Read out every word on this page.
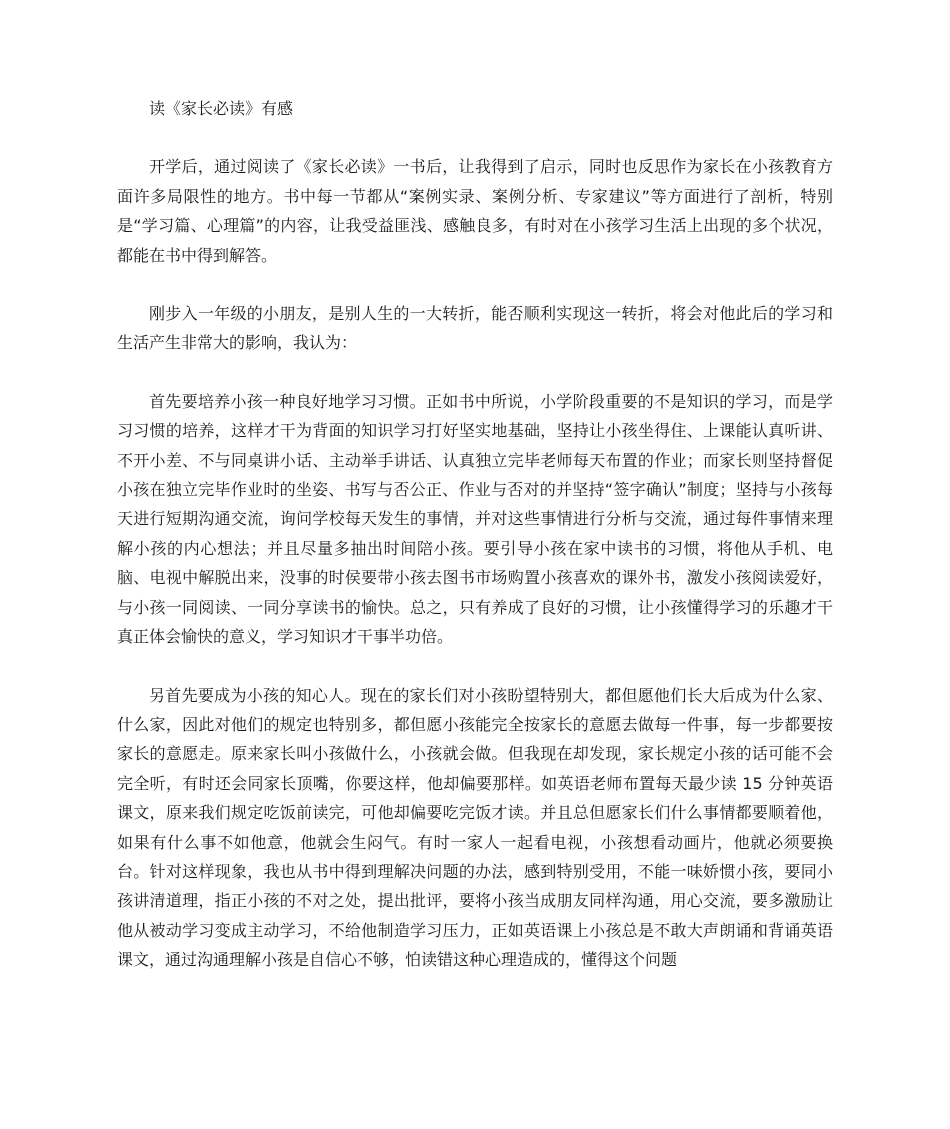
读《家长必读》有感

开学后，通过阅读了《家长必读》一书后，让我得到了启示，同时也反思作为家长在小孩教育方面许多局限性的地方。书中每一节都从“案例实录、案例分析、专家建议”等方面进行了剖析，特别是“学习篇、心理篇”的内容，让我受益匪浅、感触良多，有时对在小孩学习生活上出现的多个状况，都能在书中得到解答。

刚步入一年级的小朋友，是别人生的一大转折，能否顺利实现这一转折，将会对他此后的学习和生活产生非常大的影响，我认为：

首先要培养小孩一种良好地学习习惯。正如书中所说，小学阶段重要的不是知识的学习，而是学习习惯的培养，这样才干为背面的知识学习打好坚实地基础，坚持让小孩坐得住、上课能认真听讲、不开小差、不与同桌讲小话、主动举手讲话、认真独立完毕老师每天布置的作业；而家长则坚持督促小孩在独立完毕作业时的坐姿、书写与否公正、作业与否对的并坚持“签字确认”制度；坚持与小孩每天进行短期沟通交流，询问学校每天发生的事情，并对这些事情进行分析与交流，通过每件事情来理解小孩的内心想法；并且尽量多抽出时间陪小孩。要引导小孩在家中读书的习惯，将他从手机、电脑、电视中解脱出来，没事的时侯要带小孩去图书市场购置小孩喜欢的课外书，激发小孩阅读爱好，与小孩一同阅读、一同分享读书的愉快。总之，只有养成了良好的习惯，让小孩懂得学习的乐趣才干真正体会愉快的意义，学习知识才干事半功倍。

另首先要成为小孩的知心人。现在的家长们对小孩盼望特别大，都但愿他们长大后成为什么家、什么家，因此对他们的规定也特别多，都但愿小孩能完全按家长的意愿去做每一件事，每一步都要按家长的意愿走。原来家长叫小孩做什么，小孩就会做。但我现在却发现，家长规定小孩的话可能不会完全听，有时还会同家长顶嘴，你要这样，他却偏要那样。如英语老师布置每天最少读 15 分钟英语课文，原来我们规定吃饭前读完，可他却偏要吃完饭才读。并且总但愿家长们什么事情都要顺着他，如果有什么事不如他意，他就会生闷气。有时一家人一起看电视，小孩想看动画片，他就必须要换台。针对这样现象，我也从书中得到理解决问题的办法，感到特别受用，不能一味娇惯小孩，要同小孩讲清道理，指正小孩的不对之处，提出批评，要将小孩当成朋友同样沟通，用心交流，要多激励让他从被动学习变成主动学习，不给他制造学习压力，正如英语课上小孩总是不敢大声朗诵和背诵英语课文，通过沟通理解小孩是自信心不够，怕读错这种心理造成的，懂得这个问题
